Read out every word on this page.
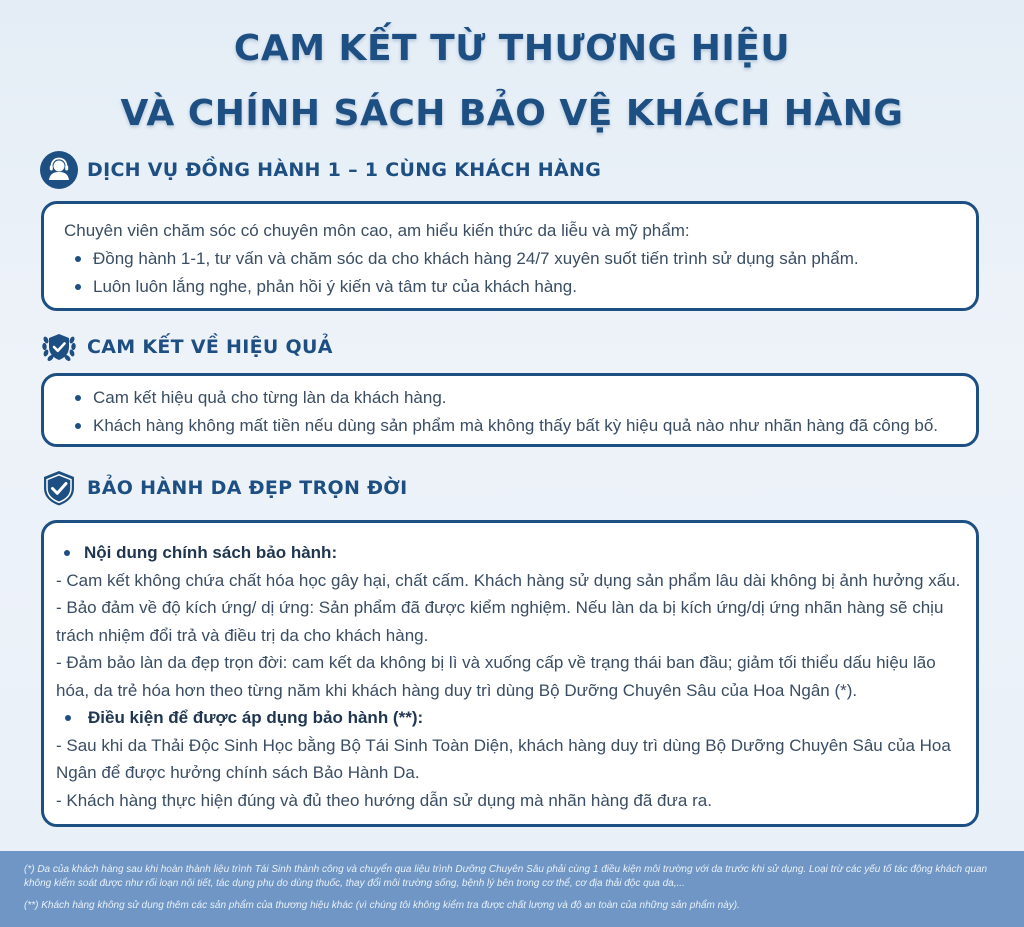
CAM KẾT TỪ THƯƠNG HIỆU
VÀ CHÍNH SÁCH BẢO VỆ KHÁCH HÀNG
DỊCH VỤ ĐỒNG HÀNH 1 – 1 CÙNG KHÁCH HÀNG

Chuyên viên chăm sóc có chuyên môn cao, am hiểu kiến thức da liễu và mỹ phẩm:

Đồng hành 1-1, tư vấn và chăm sóc da cho khách hàng 24/7 xuyên suốt tiến trình sử dụng sản phẩm.
Luôn luôn lắng nghe, phản hồi ý kiến và tâm tư của khách hàng.
CAM KẾT VỀ HIỆU QUẢ
Cam kết hiệu quả cho từng làn da khách hàng.
Khách hàng không mất tiền nếu dùng sản phẩm mà không thấy bất kỳ hiệu quả nào như nhãn hàng đã công bố.
BẢO HÀNH DA ĐẸP TRỌN ĐỜI

Nội dung chính sách bảo hành:

- Cam kết không chứa chất hóa học gây hại, chất cấm. Khách hàng sử dụng sản phẩm lâu dài không bị ảnh hưởng xấu.

- Bảo đảm về độ kích ứng/ dị ứng: Sản phẩm đã được kiểm nghiệm. Nếu làn da bị kích ứng/dị ứng nhãn hàng sẽ chịu trách nhiệm đổi trả và điều trị da cho khách hàng.

- Đảm bảo làn da đẹp trọn đời: cam kết da không bị lì và xuống cấp về trạng thái ban đầu; giảm tối thiểu dấu hiệu lão hóa, da trẻ hóa hơn theo từng năm khi khách hàng duy trì dùng Bộ Dưỡng Chuyên Sâu của Hoa Ngân (*).

Điều kiện để được áp dụng bảo hành (**):

- Sau khi da Thải Độc Sinh Học bằng Bộ Tái Sinh Toàn Diện, khách hàng duy trì dùng Bộ Dưỡng Chuyên Sâu của Hoa Ngân để được hưởng chính sách Bảo Hành Da.

- Khách hàng thực hiện đúng và đủ theo hướng dẫn sử dụng mà nhãn hàng đã đưa ra.

(*) Da của khách hàng sau khi hoàn thành liệu trình Tái Sinh thành công và chuyển qua liệu trình Dưỡng Chuyên Sâu phải cùng 1 điều kiện môi trường với da trước khi sử dụng. Loại trừ các yếu tố tác động khách quan không kiểm soát được như rối loạn nội tiết, tác dụng phụ do dùng thuốc, thay đổi môi trường sống, bệnh lý bên trong cơ thể, cơ địa thải độc qua da,...

(**) Khách hàng không sử dụng thêm các sản phẩm của thương hiệu khác (vì chúng tôi không kiểm tra được chất lượng và độ an toàn của những sản phẩm này).
